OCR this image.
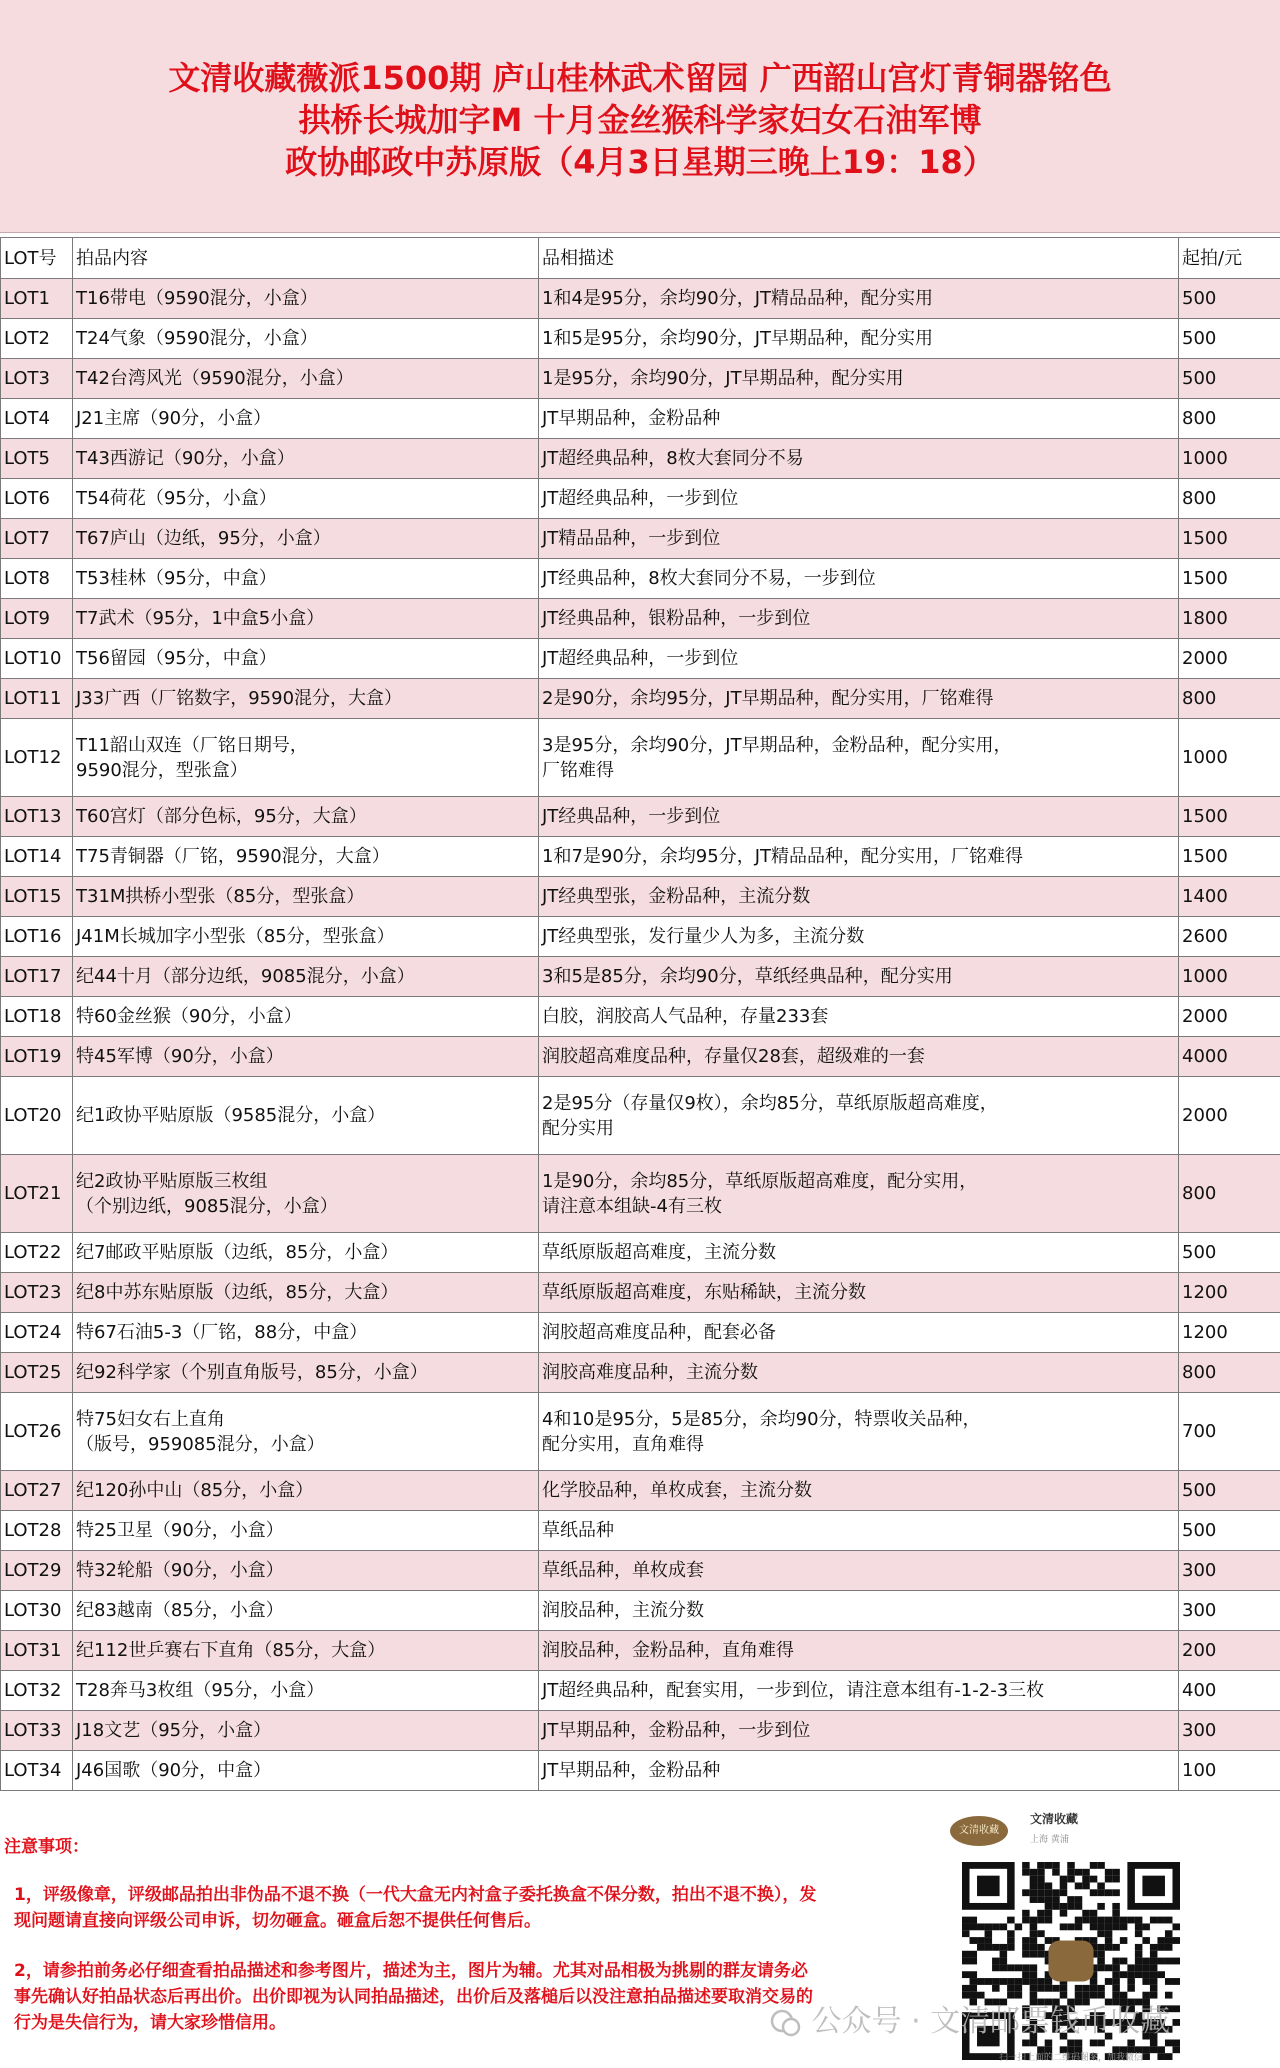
文清收藏薇派1500期 庐山桂林武术留园 广西韶山宫灯青铜器铭色
拱桥长城加字M 十月金丝猴科学家妇女石油军博
政协邮政中苏原版（4月3日星期三晚上19：18）
LOT号	拍品内容	品相描述	起拍/元
LOT1	T16带电（9590混分，小盒）	1和4是95分，余均90分，JT精品品种，配分实用	500
LOT2	T24气象（9590混分，小盒）	1和5是95分，余均90分，JT早期品种，配分实用	500
LOT3	T42台湾风光（9590混分，小盒）	1是95分，余均90分，JT早期品种，配分实用	500
LOT4	J21主席（90分，小盒）	JT早期品种，金粉品种	800
LOT5	T43西游记（90分，小盒）	JT超经典品种，8枚大套同分不易	1000
LOT6	T54荷花（95分，小盒）	JT超经典品种，一步到位	800
LOT7	T67庐山（边纸，95分，小盒）	JT精品品种，一步到位	1500
LOT8	T53桂林（95分，中盒）	JT经典品种，8枚大套同分不易，一步到位	1500
LOT9	T7武术（95分，1中盒5小盒）	JT经典品种，银粉品种，一步到位	1800
LOT10	T56留园（95分，中盒）	JT超经典品种，一步到位	2000
LOT11	J33广西（厂铭数字，9590混分，大盒）	2是90分，余均95分，JT早期品种，配分实用，厂铭难得	800
LOT12	T11韶山双连（厂铭日期号，
9590混分，型张盒）	3是95分，余均90分，JT早期品种，金粉品种，配分实用，
厂铭难得	1000
LOT13	T60宫灯（部分色标，95分，大盒）	JT经典品种，一步到位	1500
LOT14	T75青铜器（厂铭，9590混分，大盒）	1和7是90分，余均95分，JT精品品种，配分实用，厂铭难得	1500
LOT15	T31M拱桥小型张（85分，型张盒）	JT经典型张，金粉品种，主流分数	1400
LOT16	J41M长城加字小型张（85分，型张盒）	JT经典型张，发行量少人为多，主流分数	2600
LOT17	纪44十月（部分边纸，9085混分，小盒）	3和5是85分，余均90分，草纸经典品种，配分实用	1000
LOT18	特60金丝猴（90分，小盒）	白胶，润胶高人气品种，存量233套	2000
LOT19	特45军博（90分，小盒）	润胶超高难度品种，存量仅28套，超级难的一套	4000
LOT20	纪1政协平贴原版（9585混分，小盒）	2是95分（存量仅9枚），余均85分，草纸原版超高难度，
配分实用	2000
LOT21	纪2政协平贴原版三枚组
（个别边纸，9085混分，小盒）	1是90分，余均85分，草纸原版超高难度，配分实用，
请注意本组缺-4有三枚	800
LOT22	纪7邮政平贴原版（边纸，85分，小盒）	草纸原版超高难度，主流分数	500
LOT23	纪8中苏东贴原版（边纸，85分，大盒）	草纸原版超高难度，东贴稀缺，主流分数	1200
LOT24	特67石油5-3（厂铭，88分，中盒）	润胶超高难度品种，配套必备	1200
LOT25	纪92科学家（个别直角版号，85分，小盒）	润胶高难度品种，主流分数	800
LOT26	特75妇女右上直角
（版号，959085混分，小盒）	4和10是95分，5是85分，余均90分，特票收关品种，
配分实用，直角难得	700
LOT27	纪120孙中山（85分，小盒）	化学胶品种，单枚成套，主流分数	500
LOT28	特25卫星（90分，小盒）	草纸品种	500
LOT29	特32轮船（90分，小盒）	草纸品种，单枚成套	300
LOT30	纪83越南（85分，小盒）	润胶品种，主流分数	300
LOT31	纪112世乒赛右下直角（85分，大盒）	润胶品种，金粉品种，直角难得	200
LOT32	T28奔马3枚组（95分，小盒）	JT超经典品种，配套实用，一步到位，请注意本组有-1-2-3三枚	400
LOT33	J18文艺（95分，小盒）	JT早期品种，金粉品种，一步到位	300
LOT34	J46国歌（90分，中盒）	JT早期品种，金粉品种	100
注意事项：
1，评级像章，评级邮品拍出非伪品不退不换（一代大盒无内衬盒子委托换盒不保分数，拍出不退不换），发现问题请直接向评级公司申诉，切勿砸盒。砸盒后恕不提供任何售后。
2，请参拍前务必仔细查看拍品描述和参考图片，描述为主，图片为辅。尤其对品相极为挑剔的群友请务必事先确认好拍品状态后再出价。出价即视为认同拍品描述，出价后及落槌后以没注意拍品描述要取消交易的行为是失信行为，请大家珍惜信用。
文清收藏
文清收藏
上海 黄浦
扫一扫上面的二维码图案，加我微信
公众号 · 文清邮票钱币收藏
